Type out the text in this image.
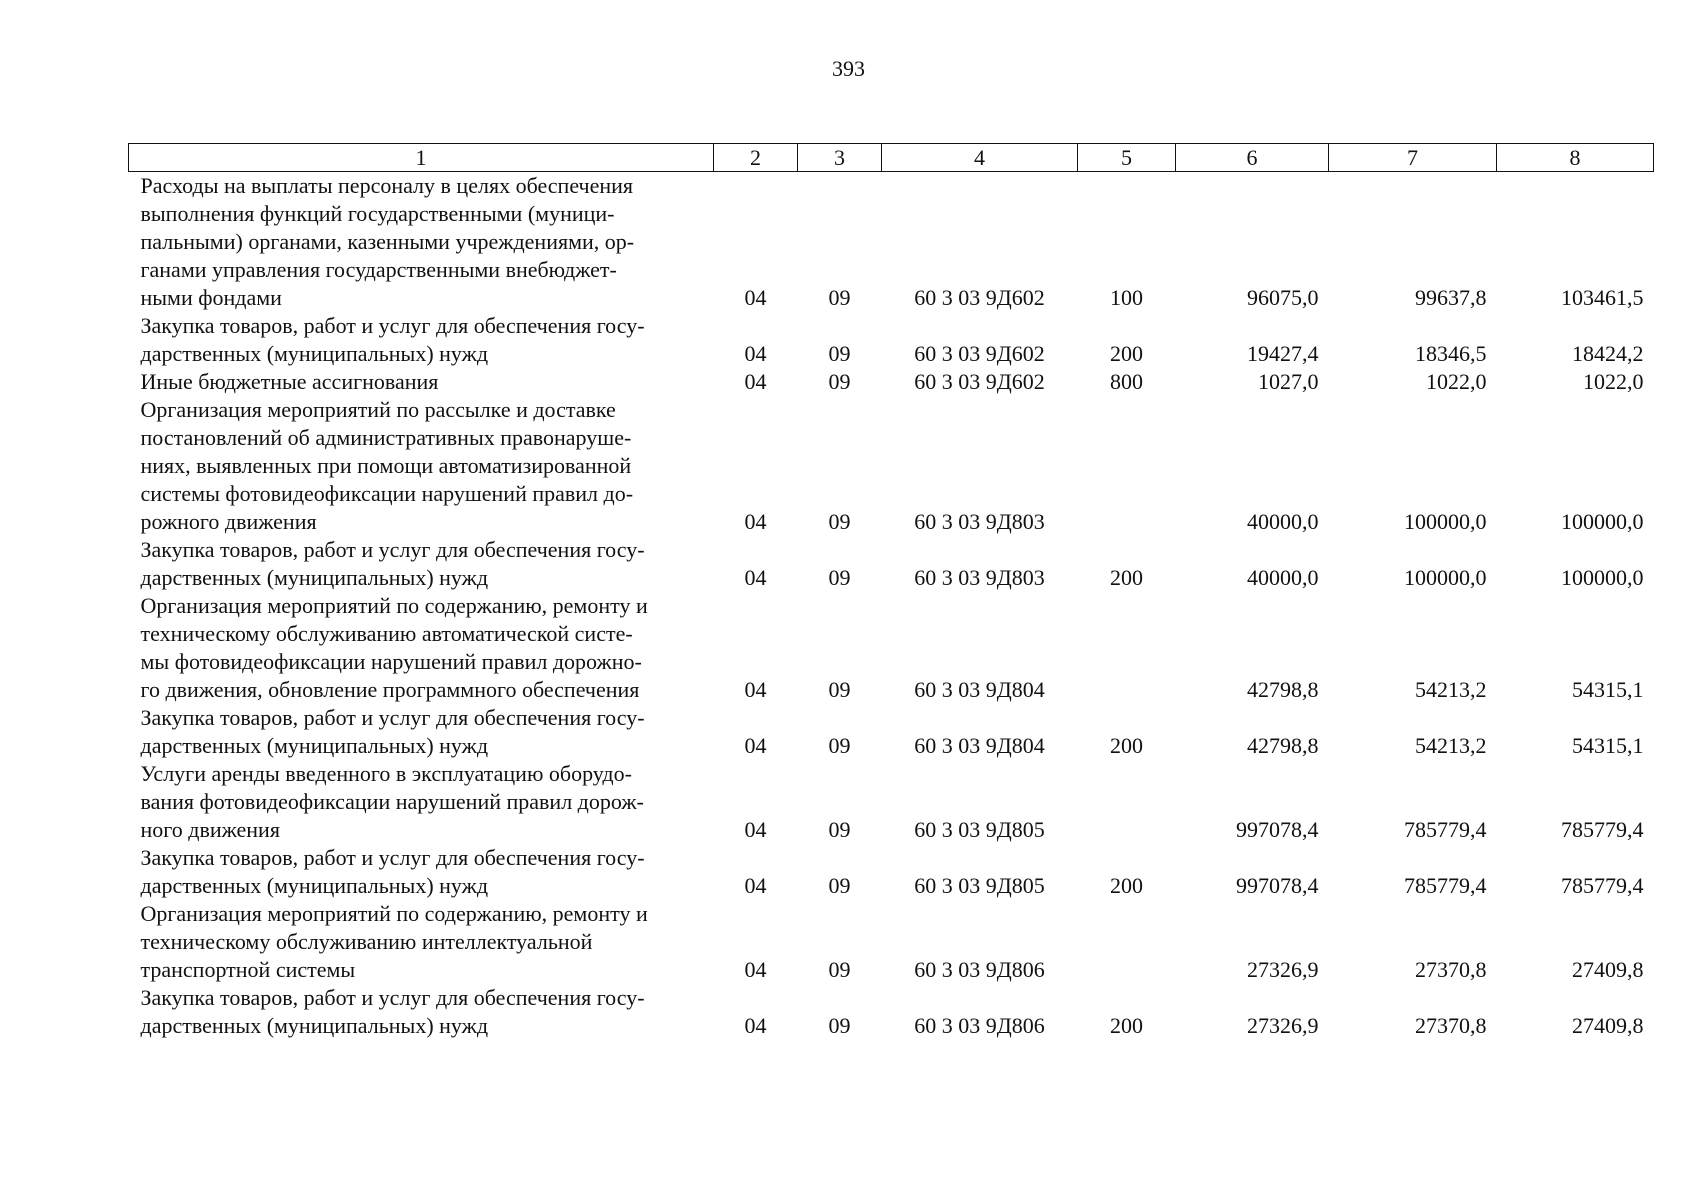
393
1	2	3	4	5	6	7	8
Расходы на выплаты персоналу в целях обеспечения
выполнения функций государственными (муници-
пальными) органами, казенными учреждениями, ор-
ганами управления государственными внебюджет-
ными фондами	04	09	60 3 03 9Д602	100	96075,0	99637,8	103461,5
Закупка товаров, работ и услуг для обеспечения госу-
дарственных (муниципальных) нужд	04	09	60 3 03 9Д602	200	19427,4	18346,5	18424,2
Иные бюджетные ассигнования	04	09	60 3 03 9Д602	800	1027,0	1022,0	1022,0
Организация мероприятий по рассылке и доставке
постановлений об административных правонаруше-
ниях, выявленных при помощи автоматизированной
системы фотовидеофиксации нарушений правил до-
рожного движения	04	09	60 3 03 9Д803		40000,0	100000,0	100000,0
Закупка товаров, работ и услуг для обеспечения госу-
дарственных (муниципальных) нужд	04	09	60 3 03 9Д803	200	40000,0	100000,0	100000,0
Организация мероприятий по содержанию, ремонту и
техническому обслуживанию автоматической систе-
мы фотовидеофиксации нарушений правил дорожно-
го движения, обновление программного обеспечения	04	09	60 3 03 9Д804		42798,8	54213,2	54315,1
Закупка товаров, работ и услуг для обеспечения госу-
дарственных (муниципальных) нужд	04	09	60 3 03 9Д804	200	42798,8	54213,2	54315,1
Услуги аренды введенного в эксплуатацию оборудо-
вания фотовидеофиксации нарушений правил дорож-
ного движения	04	09	60 3 03 9Д805		997078,4	785779,4	785779,4
Закупка товаров, работ и услуг для обеспечения госу-
дарственных (муниципальных) нужд	04	09	60 3 03 9Д805	200	997078,4	785779,4	785779,4
Организация мероприятий по содержанию, ремонту и
техническому обслуживанию интеллектуальной
транспортной системы	04	09	60 3 03 9Д806		27326,9	27370,8	27409,8
Закупка товаров, работ и услуг для обеспечения госу-
дарственных (муниципальных) нужд	04	09	60 3 03 9Д806	200	27326,9	27370,8	27409,8
